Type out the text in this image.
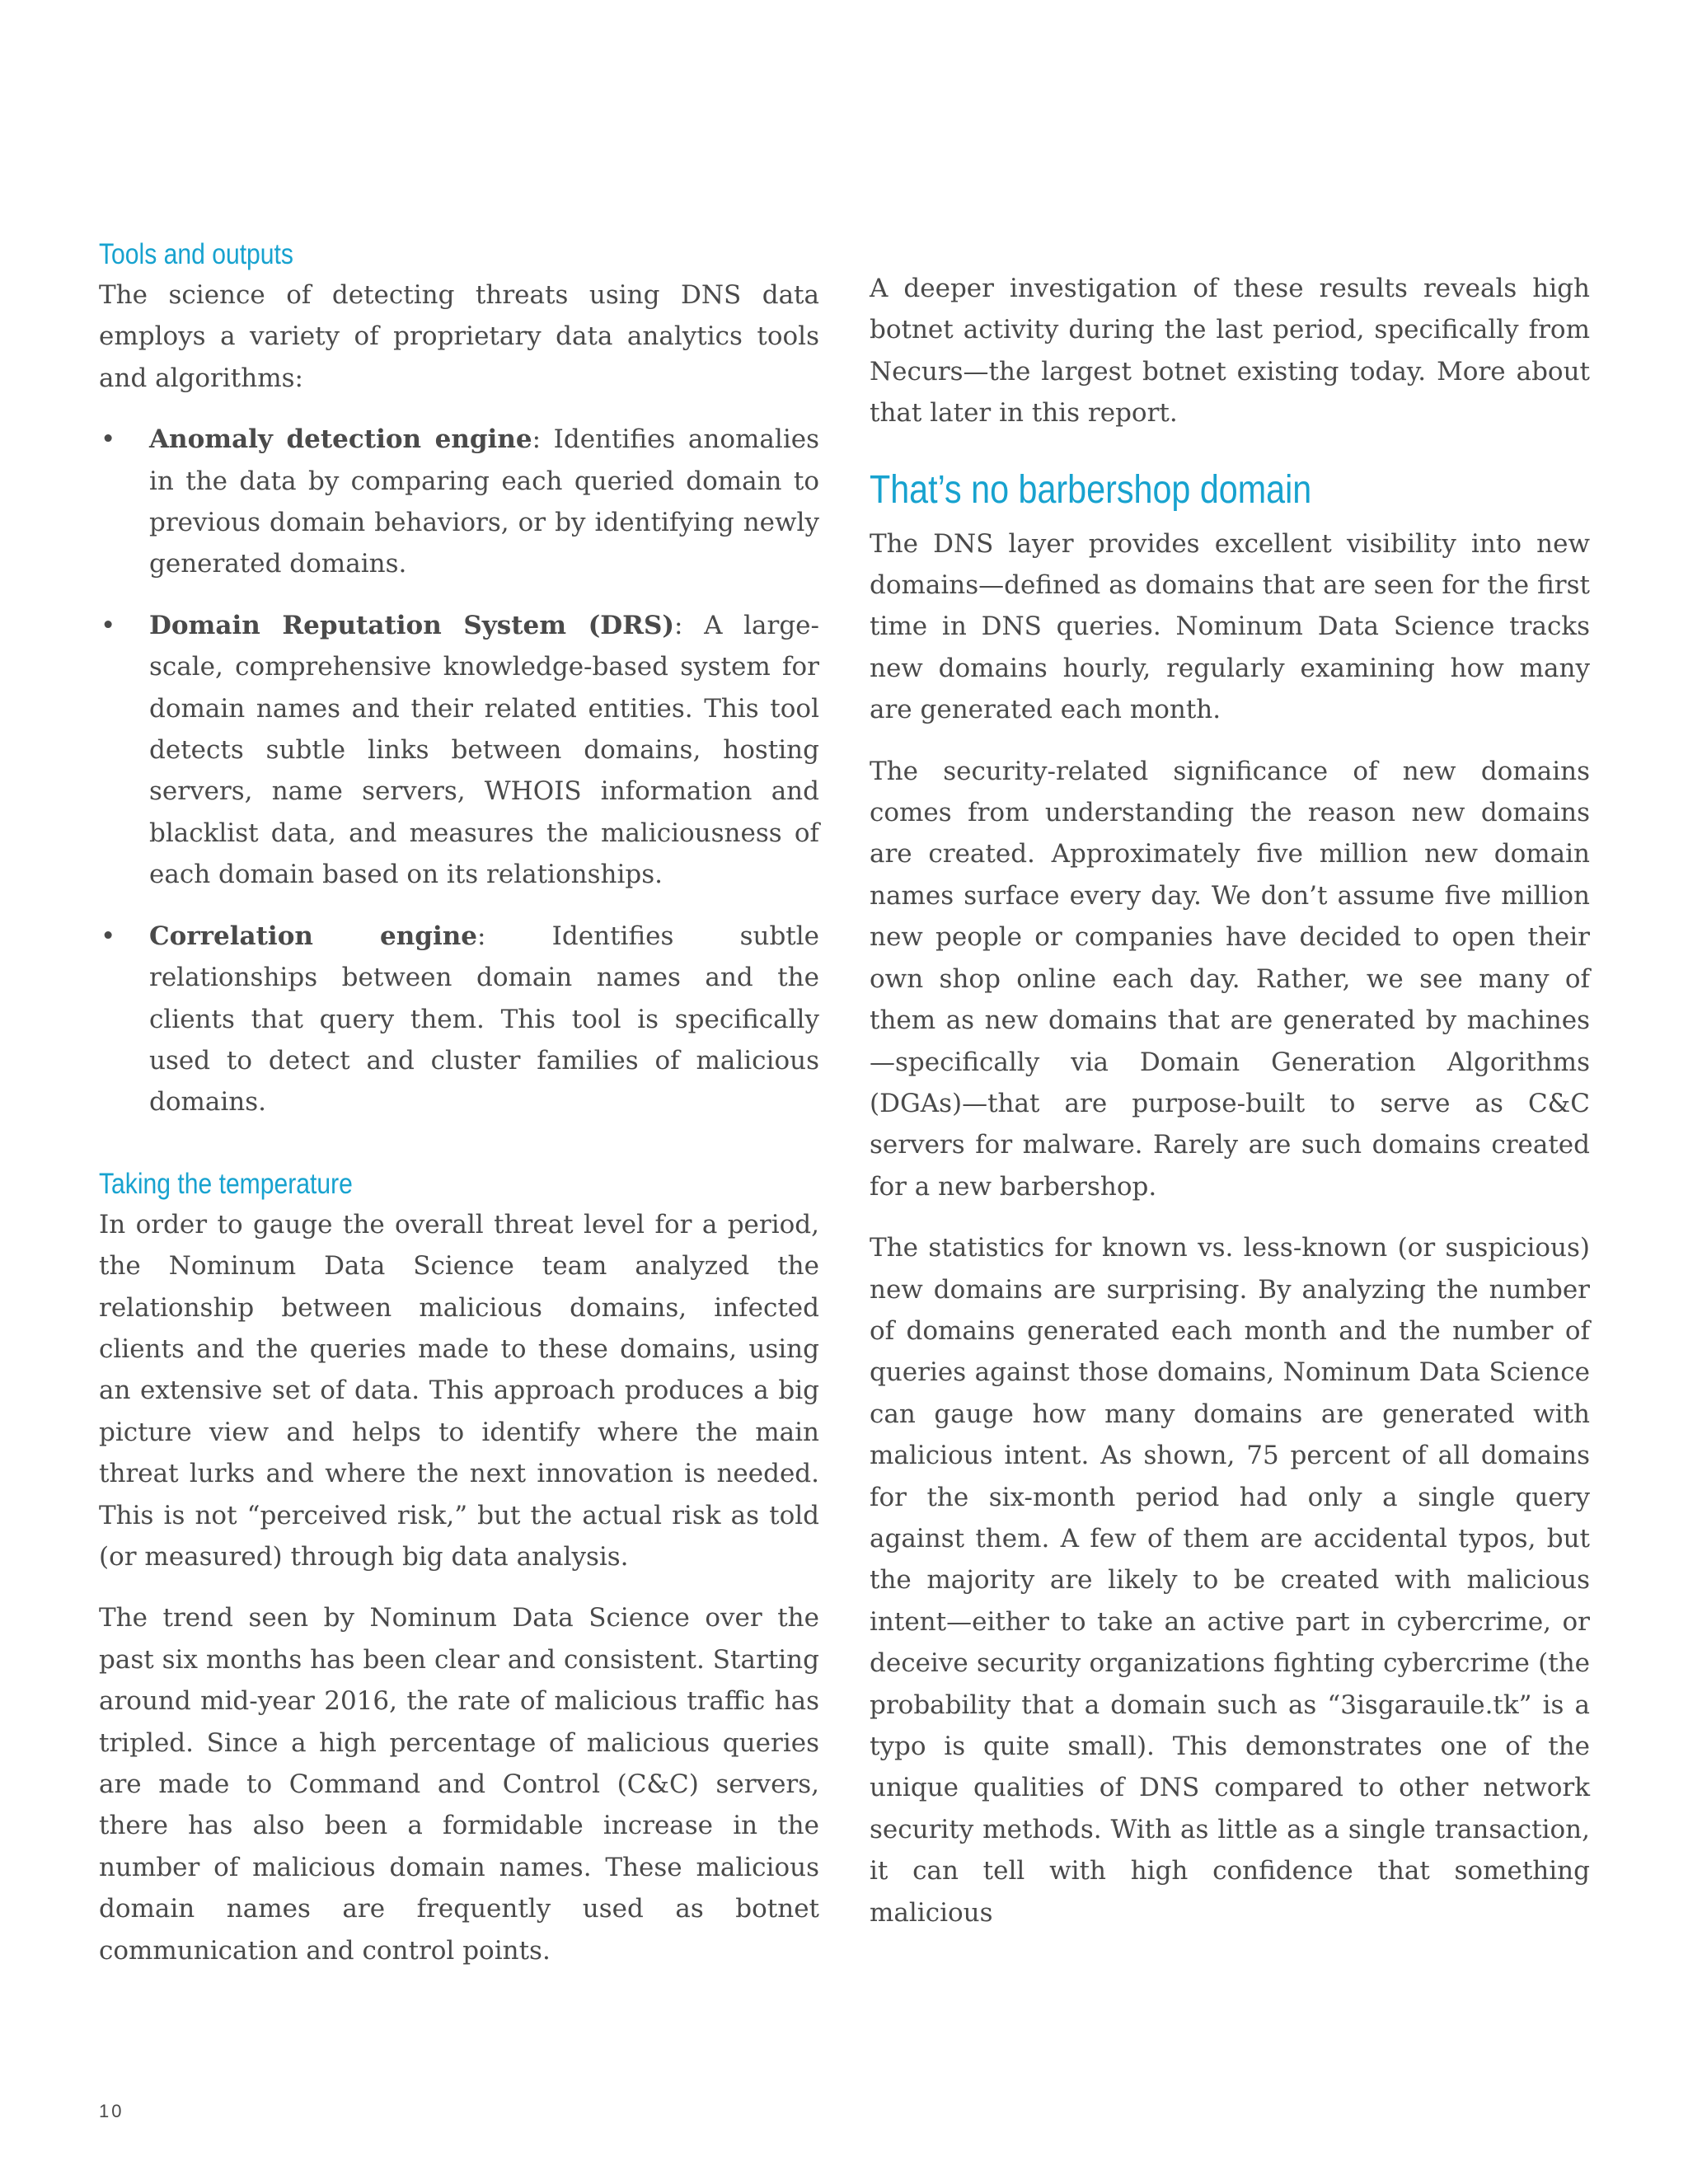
Tools and outputs

The science of detecting threats using DNS data employs a variety of proprietary data analytics tools and algorithms:

• Anomaly detection engine: Identifies anomalies in the data by comparing each queried domain to previous domain behaviors, or by identifying newly generated domains.
• Domain Reputation System (DRS): A large-scale, comprehensive knowledge-based system for domain names and their related entities. This tool detects subtle links between domains, hosting servers, name servers, WHOIS information and blacklist data, and measures the maliciousness of each domain based on its relationships.
• Correlation engine: Identifies subtle relationships between domain names and the clients that query them. This tool is specifically used to detect and cluster families of malicious domains.
Taking the temperature

In order to gauge the overall threat level for a period, the Nominum Data Science team analyzed the relationship between malicious domains, infected clients and the queries made to these domains, using an extensive set of data. This approach produces a big picture view and helps to identify where the main threat lurks and where the next innovation is needed. This is not “perceived risk,” but the actual risk as told (or measured) through big data analysis.

The trend seen by Nominum Data Science over the past six months has been clear and consistent. Starting around mid-year 2016, the rate of malicious traffic has tripled. Since a high percentage of malicious queries are made to Command and Control (C&C) servers, there has also been a formidable increase in the number of malicious domain names. These malicious domain names are frequently used as botnet communication and control points.

A deeper investigation of these results reveals high botnet activity during the last period, specifically from Necurs—the largest botnet existing today. More about that later in this report.

That’s no barbershop domain

The DNS layer provides excellent visibility into new domains—defined as domains that are seen for the first time in DNS queries. Nominum Data Science tracks new domains hourly, regularly examining how many are generated each month.

The security-related significance of new domains comes from understanding the reason new domains are created. Approximately five million new domain names surface every day. We don’t assume five million new people or companies have decided to open their own shop online each day. Rather, we see many of them as new domains that are generated by machines—specifically via Domain Generation Algorithms (DGAs)—that are purpose-built to serve as C&C servers for malware. Rarely are such domains created for a new barbershop.

The statistics for known vs. less-known (or suspicious) new domains are surprising. By analyzing the number of domains generated each month and the number of queries against those domains, Nominum Data Science can gauge how many domains are generated with malicious intent. As shown, 75 percent of all domains for the six-month period had only a single query against them. A few of them are accidental typos, but the majority are likely to be created with malicious intent—either to take an active part in cybercrime, or deceive security organizations fighting cybercrime (the probability that a domain such as “3isgarauile.tk” is a typo is quite small). This demonstrates one of the unique qualities of DNS compared to other network security methods. With as little as a single transaction, it can tell with high confidence that something malicious

10
